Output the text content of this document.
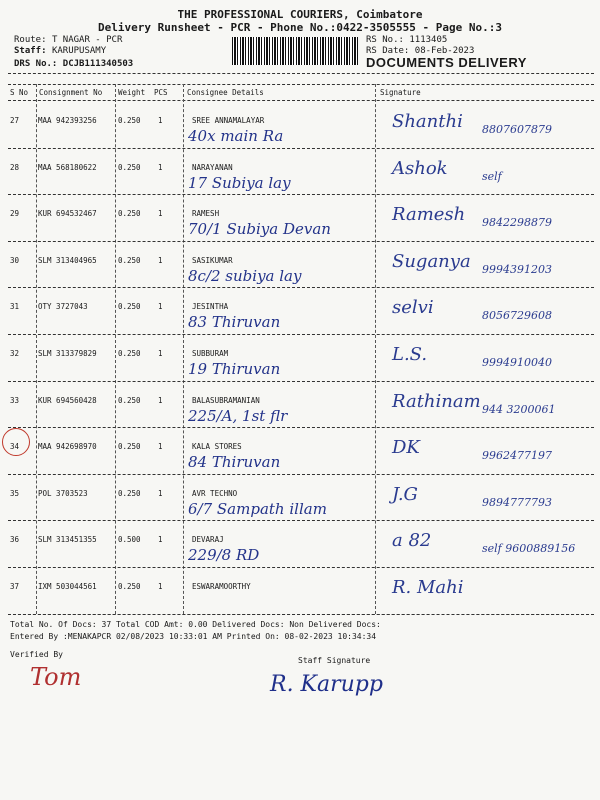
THE PROFESSIONAL COURIERS, Coimbatore
Delivery Runsheet - PCR - Phone No.:0422-3505555 - Page No.:3
Route: T NAGAR - PCR
Staff: KARUPUSAMY
DRS No.: DCJB111340503
RS No.: 1113405
RS Date: 08-Feb-2023
DOCUMENTS DELIVERY
S No Consignment No Weight PCS	Consignee Details	Signature
27	MAA 942393256	0.250 1	SREE ANNAMALAYAR
40x main Ra
Shanthi 8807607879
28	MAA 568180622	0.250 1	NARAYANAN
17 Subiya lay
Ashok	self
29	KUR 694532467	0.250 1	RAMESH
70/1 Subiya Devan
Ramesh 9842298879
30	SLM 313404965	0.250 1	SASIKUMAR
8c/2 subiya lay
Suganya 9994391203
31	OTY 3727043	0.250 1	JESINTHA
83 Thiruvan
selvi	8056729608
32	SLM 313379829	0.250 1	SUBBURAM
19 Thiruvan
L.S.	9994910040
33	KUR 694560428	0.250 1	BALASUBRAMANIAN
225/A, 1st flr
Rathinam 944 3200061
34	MAA 942698970	0.250 1	KALA STORES
84 Thiruvan
DK	9962477197
35	POL 3703523	0.250 1	AVR TECHNO
6/7 Sampath illam
J.G	9894777793
36	SLM 313451355	0.500 1	DEVARAJ
229/8 RD
a 82	self 9600889156
37	IXM 503044561	0.250 1	ESWARAMOORTHY	R. Mahi
Total No. Of Docs: 37 Total COD Amt: 0.00 Delivered Docs: Non Delivered Docs:
Entered By :MENAKAPCR 02/08/2023 10:33:01 AM Printed On: 08-02-2023 10:34:34
Verified By
Tom
Staff Signature
R. Karupp
